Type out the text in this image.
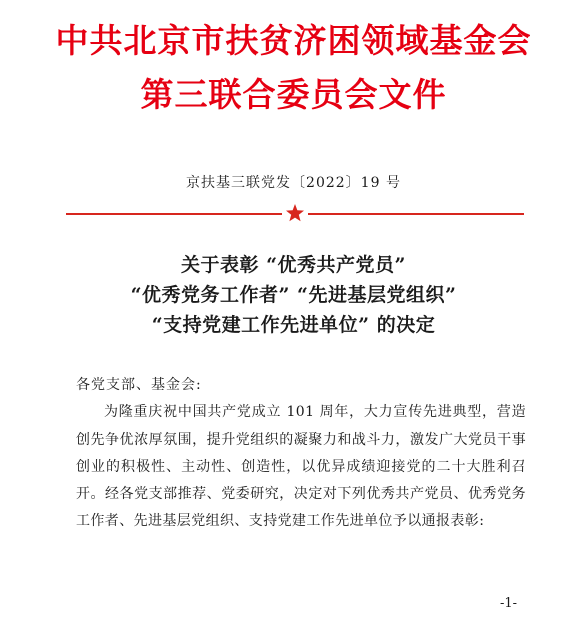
中共北京市扶贫济困领域基金会
第三联合委员会文件
京扶基三联党发〔2022〕19 号
关于表彰 “优秀共产党员”
“优秀党务工作者” “先进基层党组织”
“支持党建工作先进单位” 的决定
各党支部、基金会:
为隆重庆祝中国共产党成立 101 周年，大力宣传先进典型，营造创先争优浓厚氛围，提升党组织的凝聚力和战斗力，激发广大党员干事创业的积极性、主动性、创造性，以优异成绩迎接党的二十大胜利召开。经各党支部推荐、党委研究，决定对下列优秀共产党员、优秀党务工作者、先进基层党组织、支持党建工作先进单位予以通报表彰:
-1-
